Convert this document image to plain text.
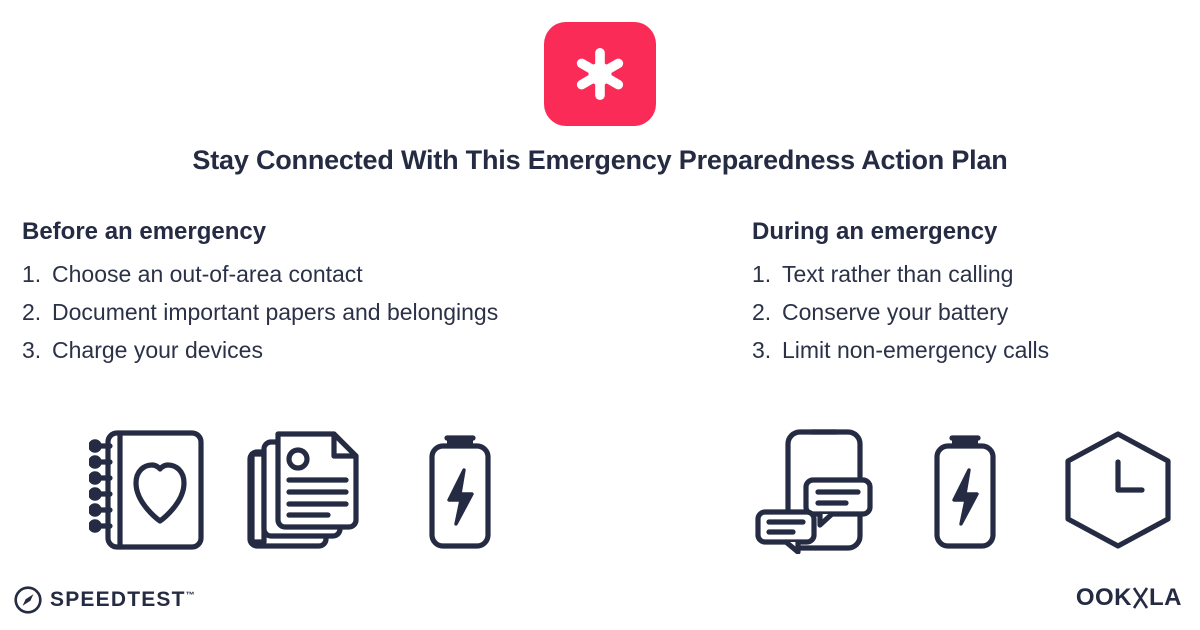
Stay Connected With This Emergency Preparedness Action Plan
Before an emergency
1. Choose an out-of-area contact
2. Document important papers and belongings
3. Charge your devices
During an emergency
1. Text rather than calling
2. Conserve your battery
3. Limit non-emergency calls
SPEEDTEST™	OOK LA
